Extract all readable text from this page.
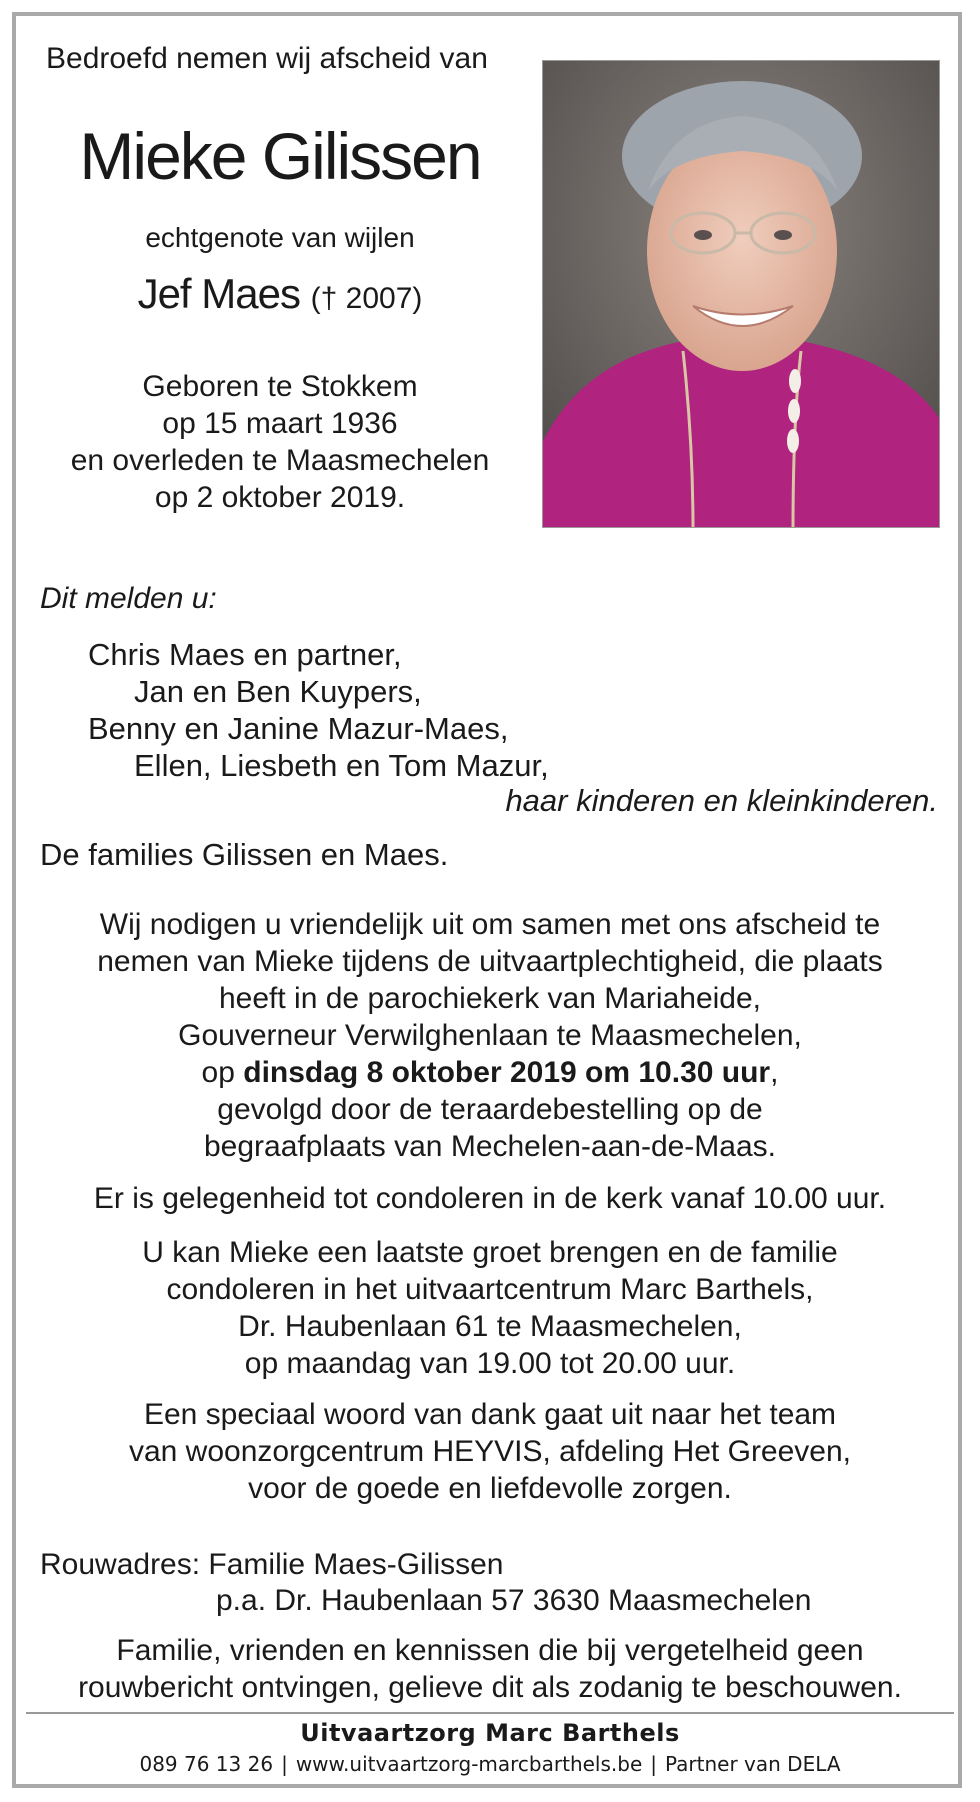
Bedroefd nemen wij afscheid van
Mieke Gilissen
echtgenote van wijlen
Jef Maes († 2007)
Geboren te Stokkem
op 15 maart 1936
en overleden te Maasmechelen
op 2 oktober 2019.
Dit melden u:
Chris Maes en partner,
Jan en Ben Kuypers,
Benny en Janine Mazur-Maes,
Ellen, Liesbeth en Tom Mazur,
haar kinderen en kleinkinderen.
De families Gilissen en Maes.
Wij nodigen u vriendelijk uit om samen met ons afscheid te
nemen van Mieke tijdens de uitvaartplechtigheid, die plaats
heeft in de parochiekerk van Mariaheide,
Gouverneur Verwilghenlaan te Maasmechelen,
op dinsdag 8 oktober 2019 om 10.30 uur,
gevolgd door de teraardebestelling op de
begraafplaats van Mechelen-aan-de-Maas.
Er is gelegenheid tot condoleren in de kerk vanaf 10.00 uur.
U kan Mieke een laatste groet brengen en de familie
condoleren in het uitvaartcentrum Marc Barthels,
Dr. Haubenlaan 61 te Maasmechelen,
op maandag van 19.00 tot 20.00 uur.
Een speciaal woord van dank gaat uit naar het team
van woonzorgcentrum HEYVIS, afdeling Het Greeven,
voor de goede en liefdevolle zorgen.
Rouwadres: Familie Maes-Gilissen
p.a. Dr. Haubenlaan 57 3630 Maasmechelen
Familie, vrienden en kennissen die bij vergetelheid geen
rouwbericht ontvingen, gelieve dit als zodanig te beschouwen.
Uitvaartzorg Marc Barthels
089 76 13 26 | www.uitvaartzorg-marcbarthels.be | Partner van DELA
